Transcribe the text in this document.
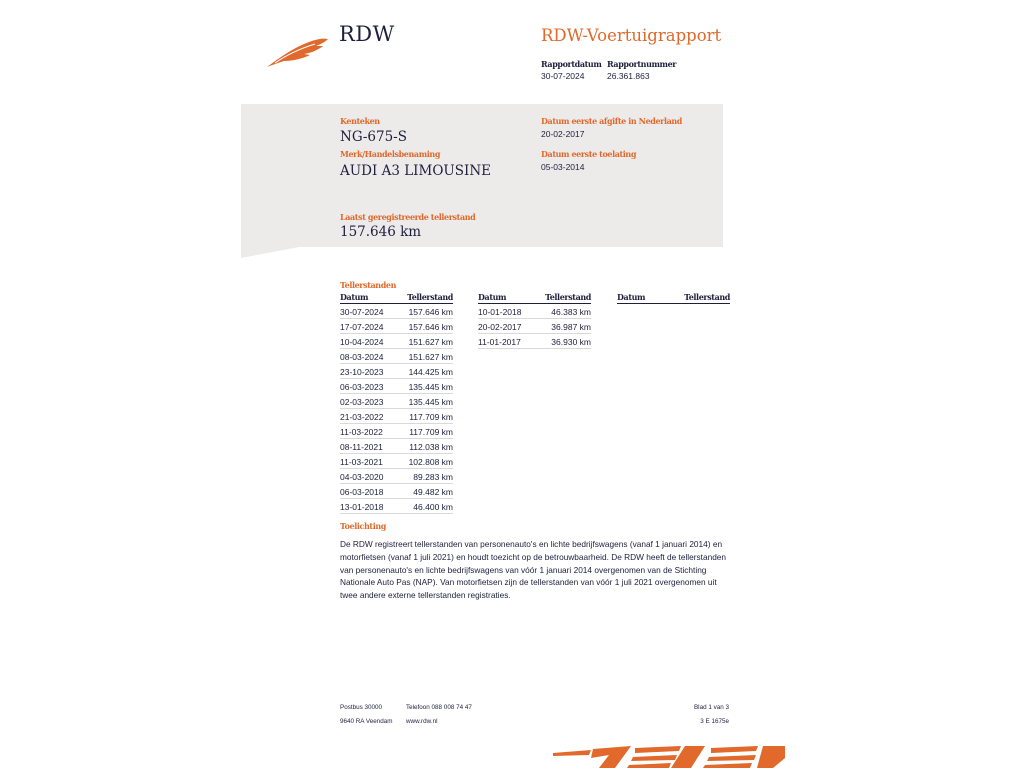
RDW	RDW-Voertuigrapport
Rapportdatum
30-07-2024
Rapportnummer
26.361.863
Kenteken
NG-675-S
Merk/Handelsbenaming
AUDI A3 LIMOUSINE
Datum eerste afgifte in Nederland
20-02-2017
Datum eerste toelating
05-03-2014
Laatst geregistreerde tellerstand
157.646 km
Tellerstanden
Datum	Tellerstand
30-07-2024	157.646 km
17-07-2024	157.646 km
10-04-2024	151.627 km
08-03-2024	151.627 km
23-10-2023	144.425 km
06-03-2023	135.445 km
02-03-2023	135.445 km
21-03-2022	117.709 km
11-03-2022	117.709 km
08-11-2021	112.038 km
11-03-2021	102.808 km
04-03-2020	89.283 km
06-03-2018	49.482 km
13-01-2018	46.400 km
Datum	Tellerstand
10-01-2018	46.383 km
20-02-2017	36.987 km
11-01-2017	36.930 km
Datum	Tellerstand
Toelichting
De RDW registreert tellerstanden van personenauto's en lichte bedrijfswagens (vanaf 1 januari 2014) en motorfietsen (vanaf 1 juli 2021) en houdt toezicht op de betrouwbaarheid. De RDW heeft de tellerstanden van personenauto's en lichte bedrijfswagens van vóór 1 januari 2014 overgenomen van de Stichting Nationale Auto Pas (NAP). Van motorfietsen zijn de tellerstanden van vóór 1 juli 2021 overgenomen uit twee andere externe tellerstanden registraties.
Postbus 30000
9640 RA Veendam
Telefoon 088 008 74 47
www.rdw.nl
Blad 1 van 3
3 E 1675e
